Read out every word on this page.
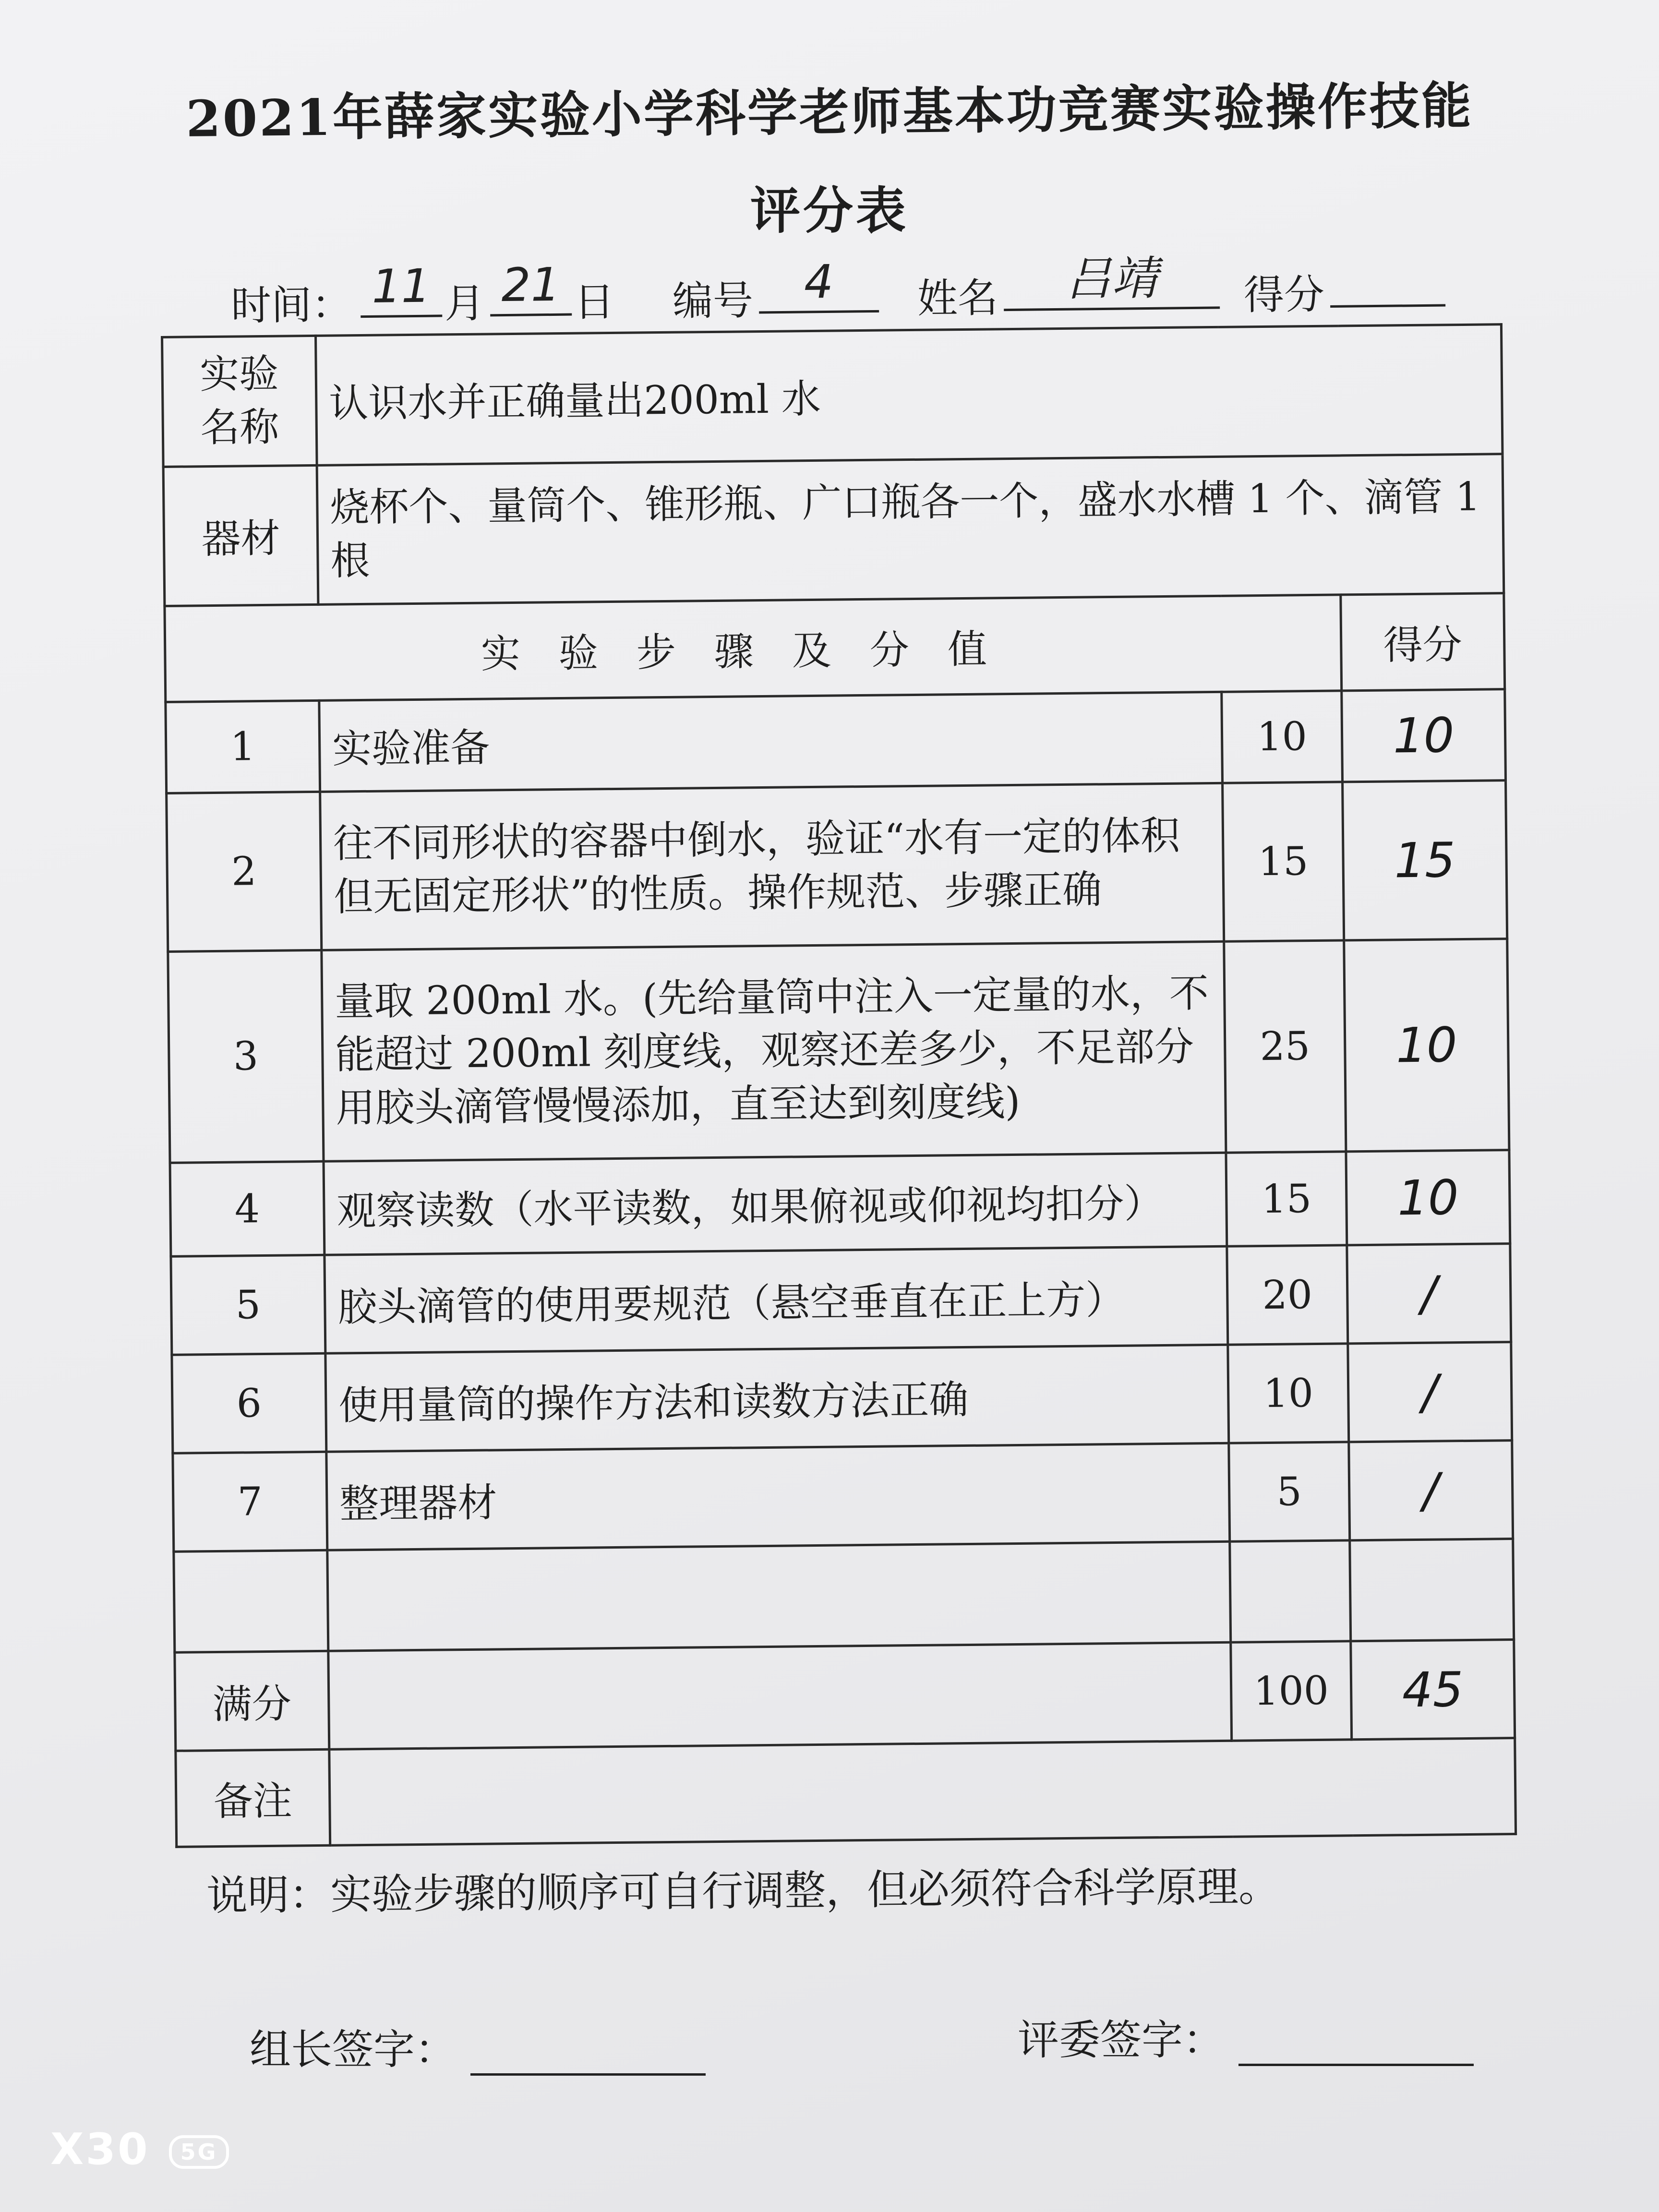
2021年薛家实验小学科学老师基本功竞赛实验操作技能
评分表
时间： 11 月 21 日 编号	4	姓名	吕靖	得分
实验名称	认识水并正确量出200ml 水		
器材	烧杯个、量筒个、锥形瓶、广口瓶各一个，盛水水槽 1 个、滴管 1 根		
实验步骤及分值			得分
1	实验准备	10	10
2	往不同形状的容器中倒水，验证“水有一定的体积但无固定形状”的性质。操作规范、步骤正确	15	15
3	量取 200ml 水。(先给量筒中注入一定量的水，不能超过 200ml 刻度线，观察还差多少，不足部分用胶头滴管慢慢添加，直至达到刻度线)	25	10
4	观察读数（水平读数，如果俯视或仰视均扣分）	15	10
5	胶头滴管的使用要规范（悬空垂直在正上方）	20	/
6	使用量筒的操作方法和读数方法正确	10	/
7	整理器材	5	/

满分		100	45
备注			
说明：实验步骤的顺序可自行调整，但必须符合科学原理。
组长签字：	评委签字：
X30 5G
